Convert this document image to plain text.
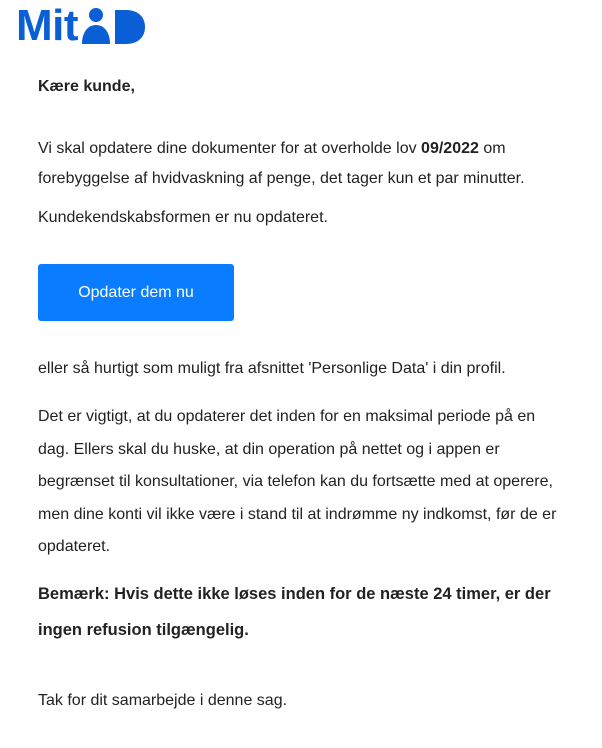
Mit

Kære kunde,

Vi skal opdatere dine dokumenter for at overholde lov 09/2022 om forebyggelse af hvidvaskning af penge, det tager kun et par minutter.

Kundekendskabsformen er nu opdateret.

Opdater dem nu

eller så hurtigt som muligt fra afsnittet 'Personlige Data' i din profil.

Det er vigtigt, at du opdaterer det inden for en maksimal periode på en dag. Ellers skal du huske, at din operation på nettet og i appen er begrænset til konsultationer, via telefon kan du fortsætte med at operere, men dine konti vil ikke være i stand til at indrømme ny indkomst, før de er opdateret.

Bemærk: Hvis dette ikke løses inden for de næste 24 timer, er der ingen refusion tilgængelig.

Tak for dit samarbejde i denne sag.
